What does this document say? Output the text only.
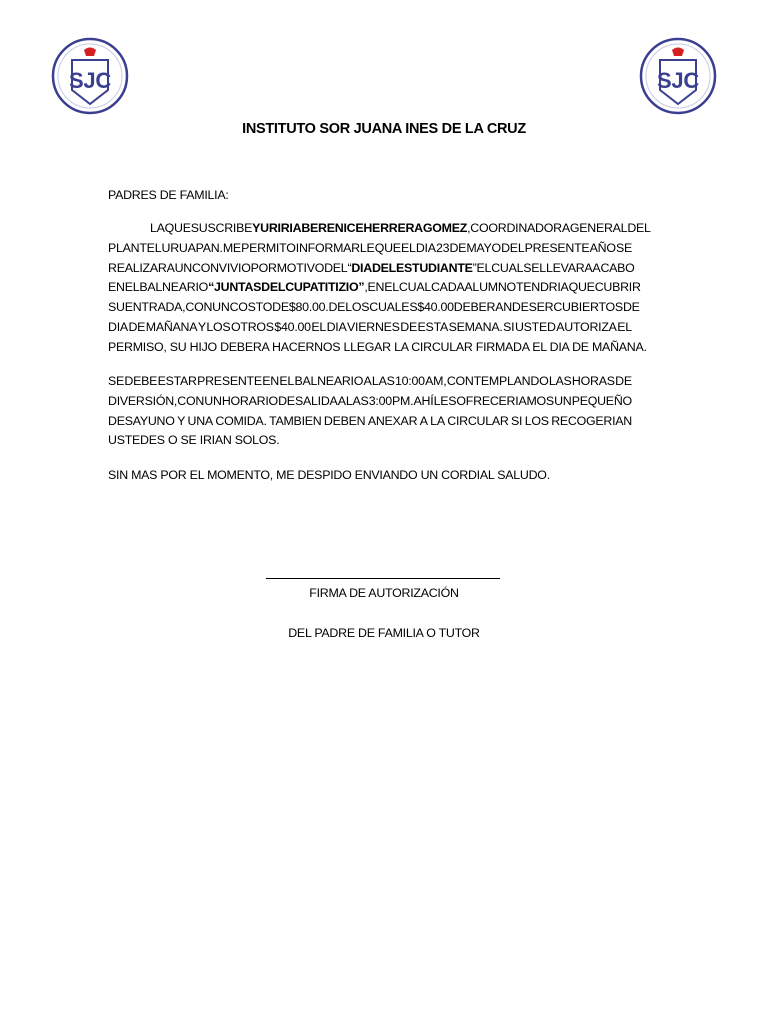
SJC	SJC
INSTITUTO SOR JUANA INES DE LA CRUZ
PADRES DE FAMILIA:
LA QUE SUSCRIBE YURIRIA BERENICE HERRERA GOMEZ , COORDINADORA GENERAL DEL
PLANTEL URUAPAN. ME PERMITO INFORMARLE QUE EL DIA 23 DE MAYO DEL PRESENTE AÑO SE
REALIZARA UN CONVIVIO POR MOTIVO DEL “ DIA DEL ESTUDIANTE ” EL CUAL SE LLEVARA A CABO
EN EL BALNEARIO “JUNTAS DEL CUPATITIZIO” , EN EL CUAL CADA ALUMNO TENDRIA QUE CUBRIR
SU ENTRADA, CON UN COSTO DE $80.00. DE LOS CUALES $40.00 DEBERAN DE SER CUBIERTOS DE
DIA DE MAÑANA Y LOS OTROS $40.00 EL DIA VIERNES DE ESTA SEMANA. SI USTED AUTORIZA EL
PERMISO, SU HIJO DEBERA HACERNOS LLEGAR LA CIRCULAR FIRMADA EL DIA DE MAÑANA.
SE DEBE ESTAR PRESENTE EN EL BALNEARIO A LAS 10:00 AM, CONTEMPLANDO LAS HORAS DE
DIVERSIÓN, CON UN HORARIO DE SALIDA A LAS 3:00 PM. AHÍ LES OFRECERIAMOS UN PEQUEÑO
DESAYUNO Y UNA COMIDA. TAMBIEN DEBEN ANEXAR A LA CIRCULAR SI LOS RECOGERIAN
USTEDES O SE IRIAN SOLOS.
SIN MAS POR EL MOMENTO, ME DESPIDO ENVIANDO UN CORDIAL SALUDO.
FIRMA DE AUTORIZACIÓN
DEL PADRE DE FAMILIA O TUTOR
